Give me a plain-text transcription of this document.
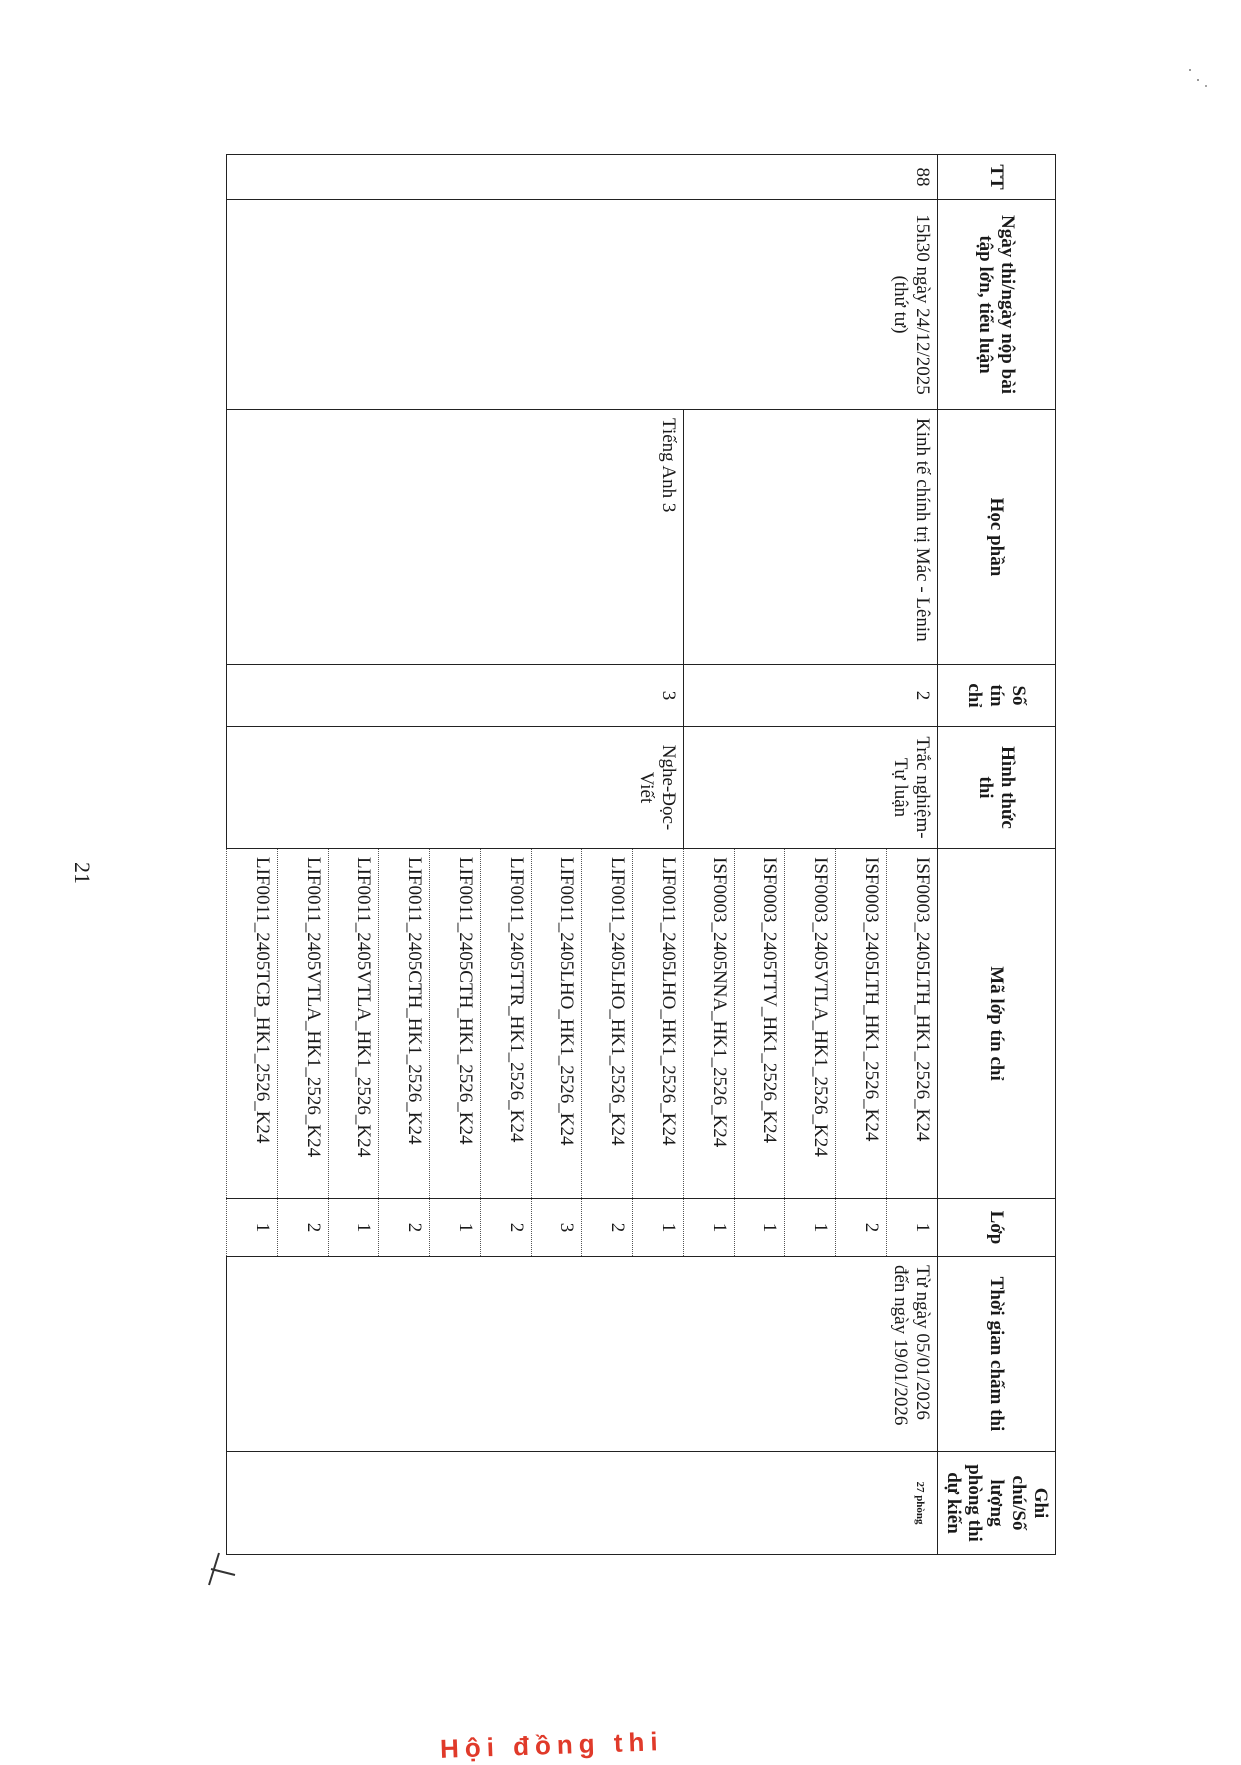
21
TT	Ngày thi/ngày nộp bài tập lớn, tiểu luận	Học phần	Số tín chỉ	Hình thức thi	Mã lớp tín chỉ	Lớp	Thời gian chấm thi	Ghi chú/Số lượng phòng thi dự kiến
88	15h30 ngày 24/12/2025 (thứ tư)	Kinh tế chính trị Mác - Lênin	2	Trắc nghiệm-Tự luận	ISF0003_2405LTH_HK1_2526_K24	1	Từ ngày 05/01/2026 đến ngày 19/01/2026	27 phòng
					ISF0003_2405LTH_HK1_2526_K24	2		
					ISF0003_2405VTLA_HK1_2526_K24	1		
					ISF0003_2405TTV_HK1_2526_K24	1		
					ISF0003_2405NNA_HK1_2526_K24	1		
		Tiếng Anh 3	3	Nghe-Đọc-Viết	LIF0011_2405LHO_HK1_2526_K24	1		
					LIF0011_2405LHO_HK1_2526_K24	2		
					LIF0011_2405LHO_HK1_2526_K24	3		
					LIF0011_2405TTR_HK1_2526_K24	2		
					LIF0011_2405CTH_HK1_2526_K24	1		
					LIF0011_2405CTH_HK1_2526_K24	2		
					LIF0011_2405VTLA_HK1_2526_K24	1		
					LIF0011_2405VTLA_HK1_2526_K24	2		
					LIF0011_2405TCB_HK1_2526_K24	1		
Hội đồng thi
